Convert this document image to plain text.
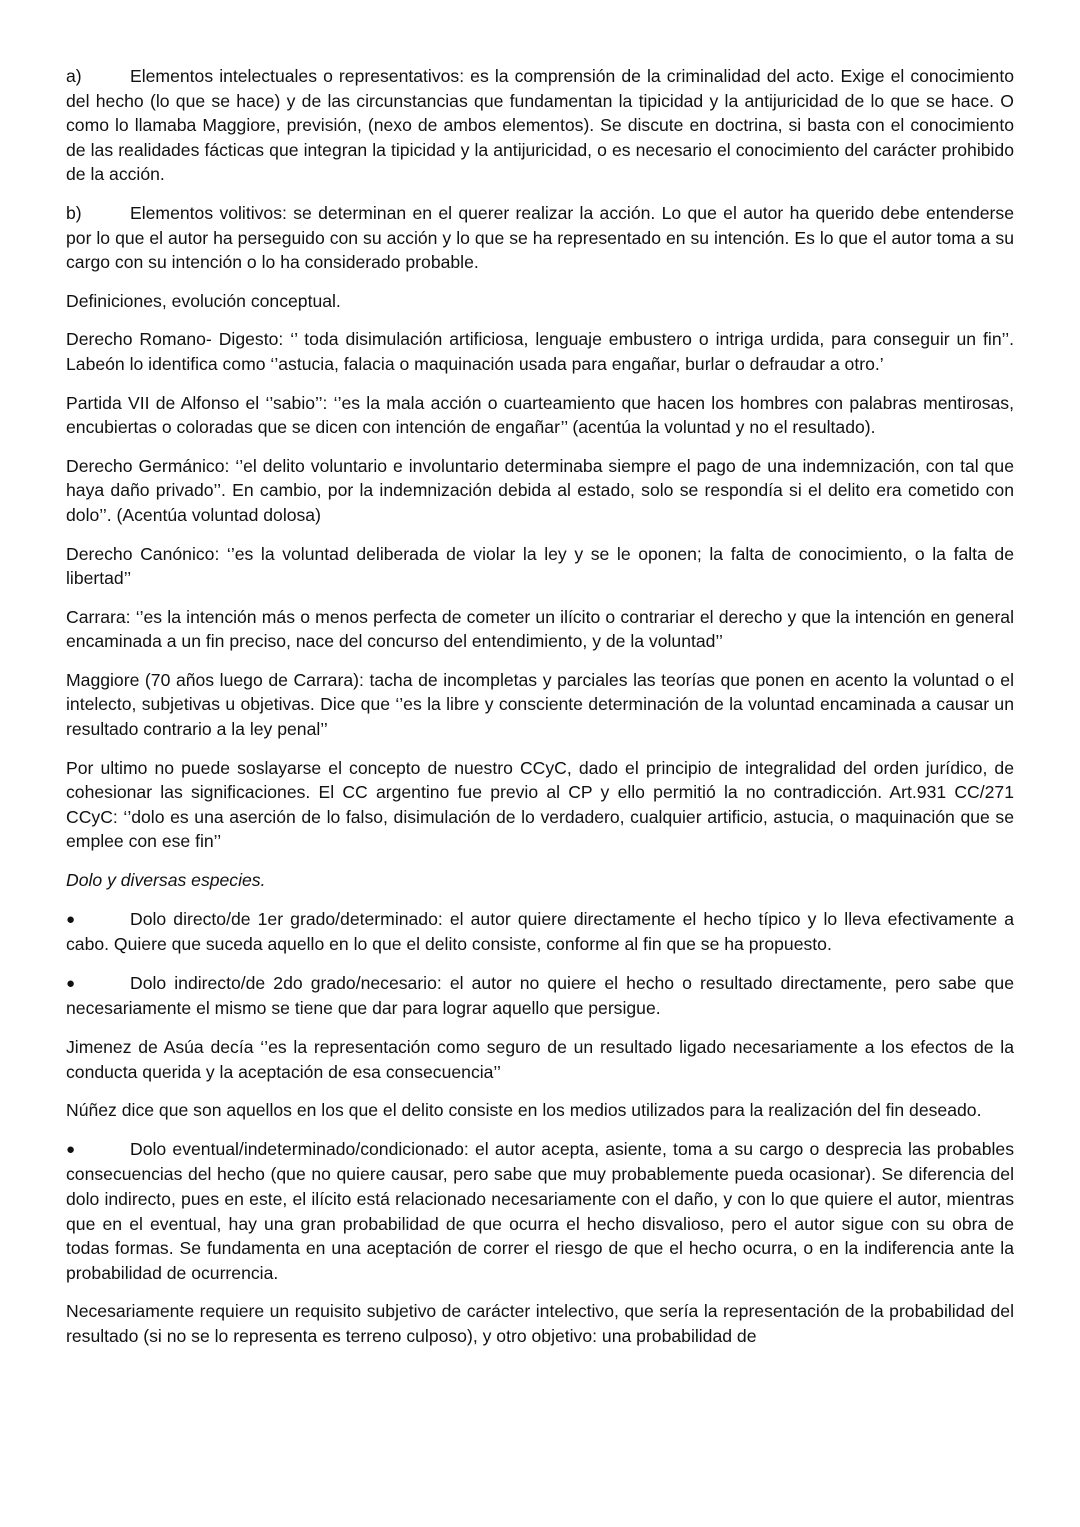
a)	Elementos intelectuales o representativos: es la comprensión de la criminalidad del acto. Exige el conocimiento del hecho (lo que se hace) y de las circunstancias que fundamentan la tipicidad y la antijuricidad de lo que se hace. O como lo llamaba Maggiore, previsión, (nexo de ambos elementos). Se discute en doctrina, si basta con el conocimiento de las realidades fácticas que integran la tipicidad y la antijuricidad, o es necesario el conocimiento del carácter prohibido de la acción.

b)	Elementos volitivos: se determinan en el querer realizar la acción. Lo que el autor ha querido debe entenderse por lo que el autor ha perseguido con su acción y lo que se ha representado en su intención. Es lo que el autor toma a su cargo con su intención o lo ha considerado probable.

Definiciones, evolución conceptual.

Derecho Romano- Digesto: ‘’ toda disimulación artificiosa, lenguaje embustero o intriga urdida, para conseguir un fin’’. Labeón lo identifica como ‘’astucia, falacia o maquinación usada para engañar, burlar o defraudar a otro.’

Partida VII de Alfonso el ‘’sabio’’: ‘’es la mala acción o cuarteamiento que hacen los hombres con palabras mentirosas, encubiertas o coloradas que se dicen con intención de engañar’’ (acentúa la voluntad y no el resultado).

Derecho Germánico: ‘’el delito voluntario e involuntario determinaba siempre el pago de una indemnización, con tal que haya daño privado’’. En cambio, por la indemnización debida al estado, solo se respondía si el delito era cometido con dolo’’. (Acentúa voluntad dolosa)

Derecho Canónico: ‘’es la voluntad deliberada de violar la ley y se le oponen; la falta de conocimiento, o la falta de libertad’’

Carrara: ‘’es la intención más o menos perfecta de cometer un ilícito o contrariar el derecho y que la intención en general encaminada a un fin preciso, nace del concurso del entendimiento, y de la voluntad’’

Maggiore (70 años luego de Carrara): tacha de incompletas y parciales las teorías que ponen en acento la voluntad o el intelecto, subjetivas u objetivas. Dice que ‘’es la libre y consciente determinación de la voluntad encaminada a causar un resultado contrario a la ley penal’’

Por ultimo no puede soslayarse el concepto de nuestro CCyC, dado el principio de integralidad del orden jurídico, de cohesionar las significaciones. El CC argentino fue previo al CP y ello permitió la no contradicción. Art.931 CC/271 CCyC: ‘’dolo es una aserción de lo falso, disimulación de lo verdadero, cualquier artificio, astucia, o maquinación que se emplee con ese fin’’

Dolo y diversas especies.

●	Dolo directo/de 1er grado/determinado: el autor quiere directamente el hecho típico y lo lleva efectivamente a cabo. Quiere que suceda aquello en lo que el delito consiste, conforme al fin que se ha propuesto.

●	Dolo indirecto/de 2do grado/necesario: el autor no quiere el hecho o resultado directamente, pero sabe que necesariamente el mismo se tiene que dar para lograr aquello que persigue.

Jimenez de Asúa decía ‘’es la representación como seguro de un resultado ligado necesariamente a los efectos de la conducta querida y la aceptación de esa consecuencia’’

Núñez dice que son aquellos en los que el delito consiste en los medios utilizados para la realización del fin deseado.

●	Dolo eventual/indeterminado/condicionado: el autor acepta, asiente, toma a su cargo o desprecia las probables consecuencias del hecho (que no quiere causar, pero sabe que muy probablemente pueda ocasionar). Se diferencia del dolo indirecto, pues en este, el ilícito está relacionado necesariamente con el daño, y con lo que quiere el autor, mientras que en el eventual, hay una gran probabilidad de que ocurra el hecho disvalioso, pero el autor sigue con su obra de todas formas. Se fundamenta en una aceptación de correr el riesgo de que el hecho ocurra, o en la indiferencia ante la probabilidad de ocurrencia.

Necesariamente requiere un requisito subjetivo de carácter intelectivo, que sería la representación de la probabilidad del resultado (si no se lo representa es terreno culposo), y otro objetivo: una probabilidad de
